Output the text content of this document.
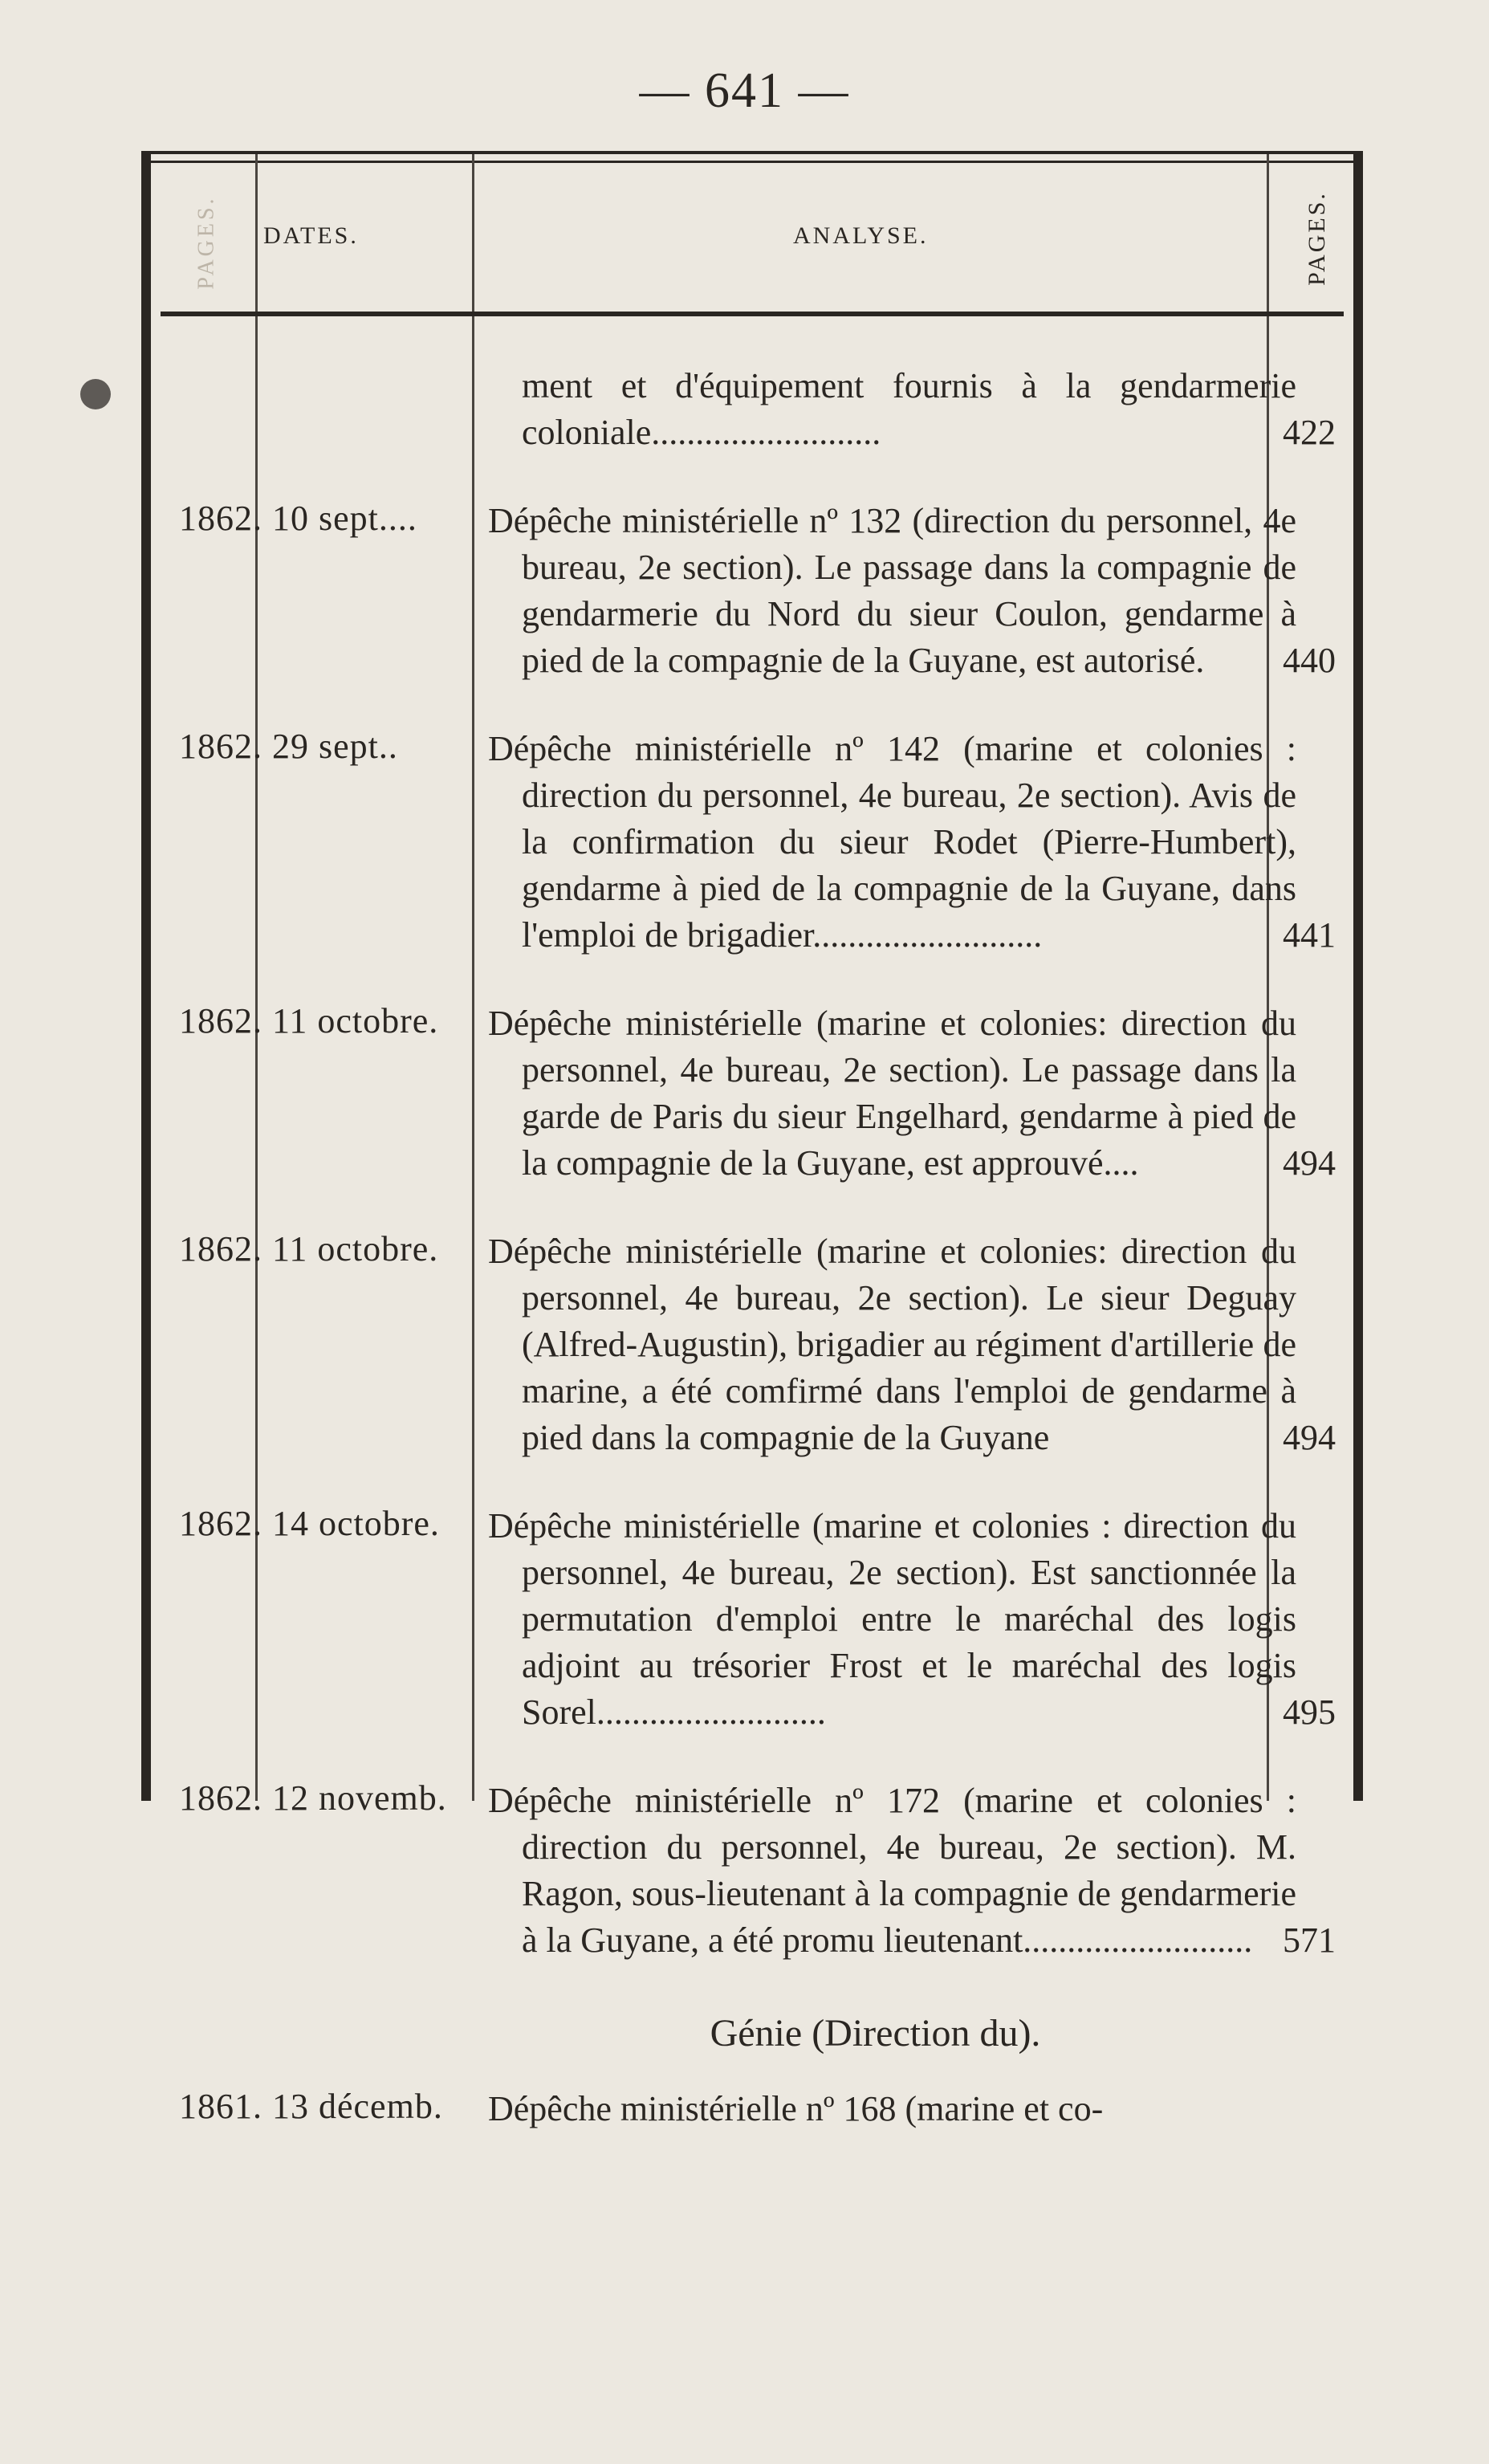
— 641 —
PAGES. DATES.	ANALYSE.	PAGES.
ment et d'équipement fournis à la gendarmerie coloniale..........................	422
1862. 10 sept....	Dépêche ministérielle nº 132 (direction du personnel, 4e bureau, 2e section). Le passage dans la compagnie de gendarmerie du Nord du sieur Coulon, gendarme à pied de la compagnie de la Guyane, est autorisé.	440
1862. 29 sept..	Dépêche ministérielle nº 142 (marine et colonies : direction du personnel, 4e bureau, 2e section). Avis de la confirmation du sieur Rodet (Pierre-Humbert), gendarme à pied de la compagnie de la Guyane, dans l'emploi de brigadier..........................	441
1862. 11 octobre.	Dépêche ministérielle (marine et colonies: direction du personnel, 4e bureau, 2e section). Le passage dans la garde de Paris du sieur Engelhard, gendarme à pied de la compagnie de la Guyane, est approuvé....	494
1862. 11 octobre.	Dépêche ministérielle (marine et colonies: direction du personnel, 4e bureau, 2e section). Le sieur Deguay (Alfred-Augustin), brigadier au régiment d'artillerie de marine, a été comfirmé dans l'emploi de gendarme à pied dans la compagnie de la Guyane	494
1862. 14 octobre.	Dépêche ministérielle (marine et colonies : direction du personnel, 4e bureau, 2e section). Est sanctionnée la permutation d'emploi entre le maréchal des logis adjoint au trésorier Frost et le maréchal des logis Sorel..........................	495
1862. 12 novemb.	Dépêche ministérielle nº 172 (marine et colonies : direction du personnel, 4e bureau, 2e section). M. Ragon, sous-lieutenant à la compagnie de gendarmerie à la Guyane, a été promu lieutenant.......................... 571
Génie (Direction du).
1861. 13 décemb.	Dépêche ministérielle nº 168 (marine et co-
